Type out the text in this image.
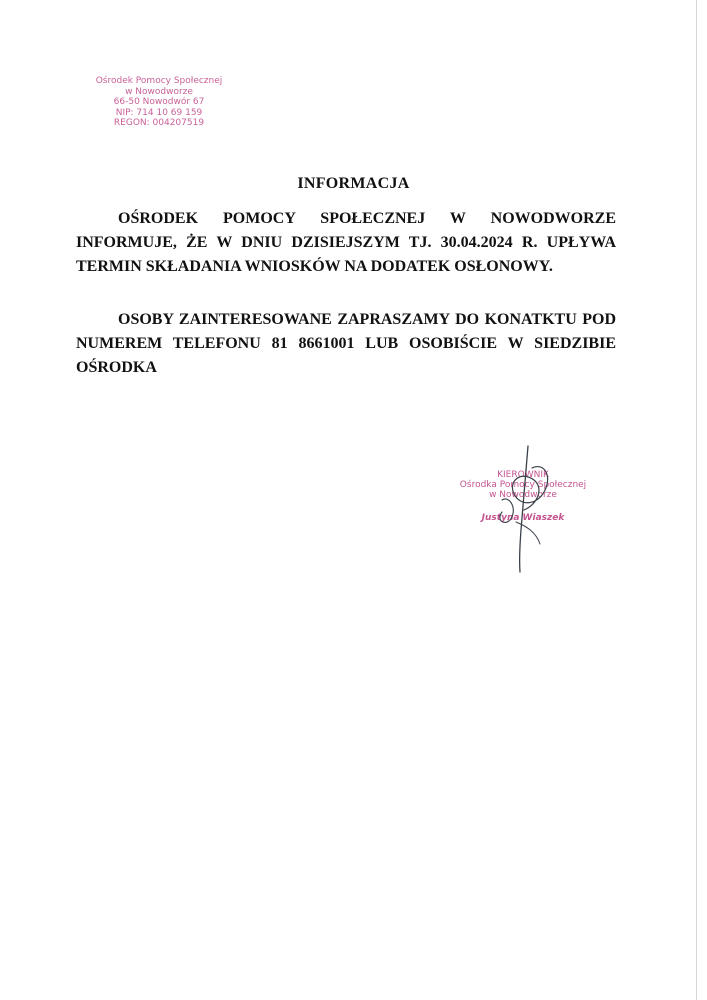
Ośrodek Pomocy Społecznej
w Nowodworze
66-50 Nowodwór 67
NIP: 714 10 69 159
REGON: 004207519
INFORMACJA
OŚRODEK POMOCY SPOŁECZNEJ W NOWODWORZE INFORMUJE, ŻE W DNIU DZISIEJSZYM TJ. 30.04.2024 R. UPŁYWA TERMIN SKŁADANIA WNIOSKÓW NA DODATEK OSŁONOWY.
OSOBY ZAINTERESOWANE ZAPRASZAMY DO KONATKTU POD NUMEREM TELEFONU 81 8661001 LUB OSOBIŚCIE W SIEDZIBIE OŚRODKA
KIEROWNIK
Ośrodka Pomocy Społecznej
w Nowodworze
Justyna Wiaszek
